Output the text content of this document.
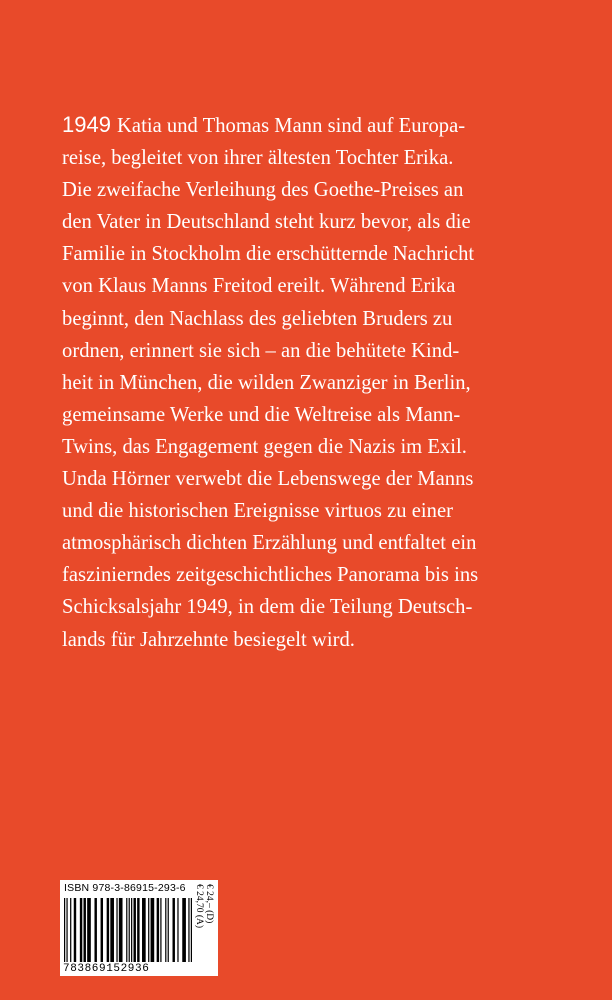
1949 Katia und Thomas Mann sind auf Europa-
reise, begleitet von ihrer ältesten Tochter Erika.
Die zweifache Verleihung des Goethe-Preises an
den Vater in Deutschland steht kurz bevor, als die
Familie in Stockholm die erschütternde Nachricht
von Klaus Manns Freitod ereilt. Während Erika
beginnt, den Nachlass des geliebten Bruders zu
ordnen, erinnert sie sich – an die behütete Kind-
heit in München, die wilden Zwanziger in Berlin,
gemeinsame Werke und die Weltreise als Mann-
Twins, das Engagement gegen die Nazis im Exil.
Unda Hörner verwebt die Lebenswege der Manns
und die historischen Ereignisse virtuos zu einer
atmosphärisch dichten Erzählung und entfaltet ein
faszinierndes zeitgeschichtliches Panorama bis ins
Schicksalsjahr 1949, in dem die Teilung Deutsch-
lands für Jahrzehnte besiegelt wird.
ISBN 978-3-86915-293-6
783869152936
€ 24,– (D)
€ 24,70 (A)
